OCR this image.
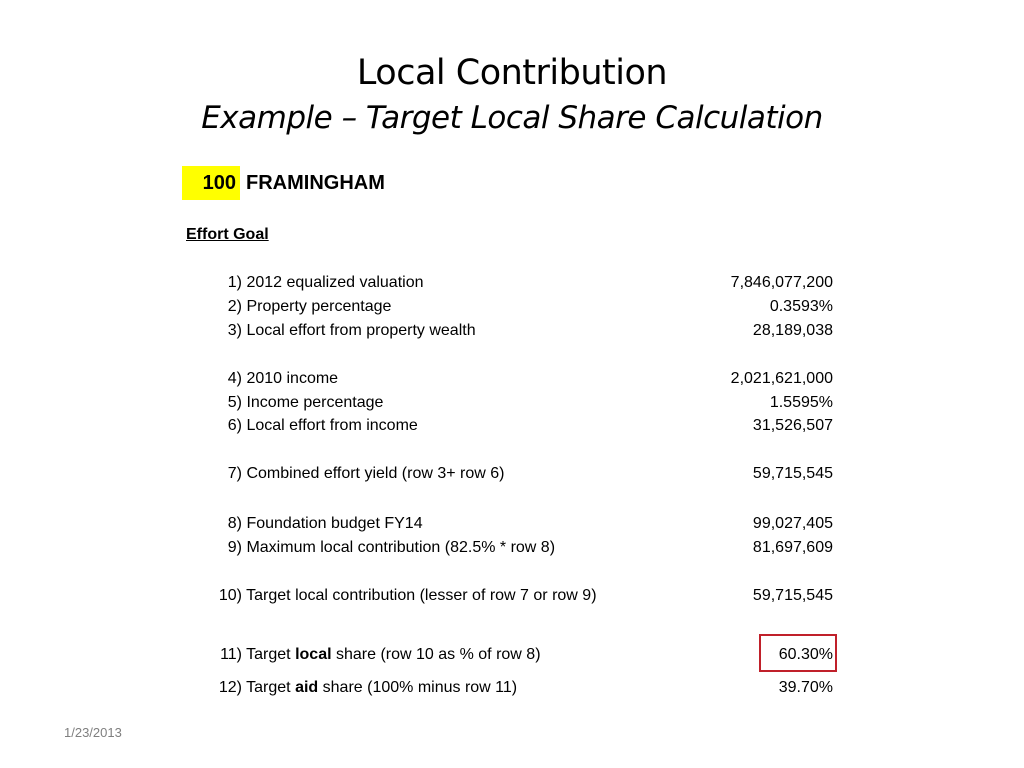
Local Contribution
Example – Target Local Share Calculation
100 FRAMINGHAM
Effort Goal
1) 2012 equalized valuation	7,846,077,200
2) Property percentage	0.3593%
3) Local effort from property wealth	28,189,038
4) 2010 income	2,021,621,000
5) Income percentage	1.5595%
6) Local effort from income	31,526,507
7) Combined effort yield (row 3+ row 6)	59,715,545
8) Foundation budget FY14	99,027,405
9) Maximum local contribution (82.5% * row 8)	81,697,609
10) Target local contribution (lesser of row 7 or row 9)	59,715,545
11) Target local share (row 10 as % of row 8)	60.30%
12) Target aid share (100% minus row 11)	39.70%
1/23/2013
